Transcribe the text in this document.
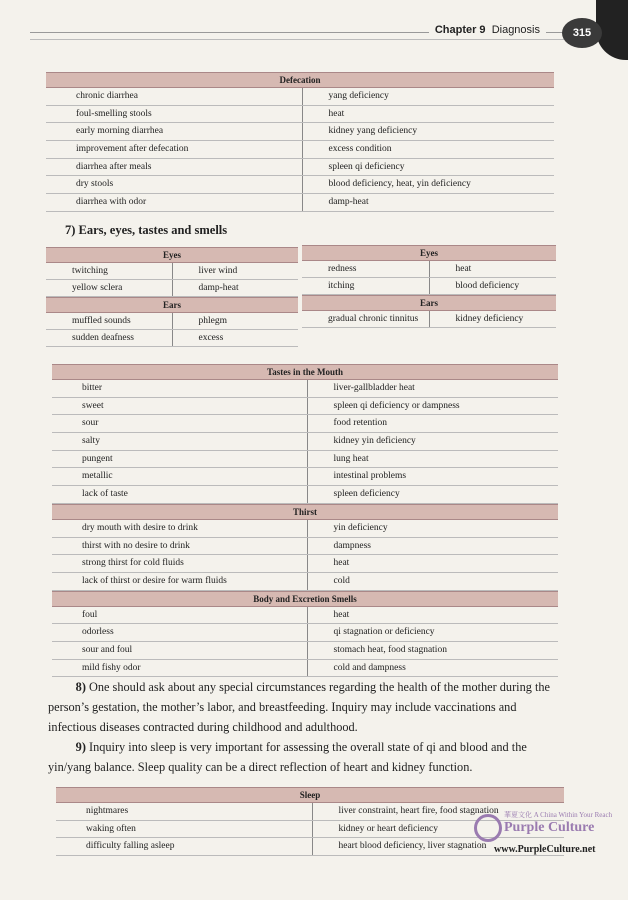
Chapter 9 Diagnosis	315
Defecation
chronic diarrhea	yang deficiency
foul-smelling stools	heat
early morning diarrhea	kidney yang deficiency
improvement after defecation	excess condition
diarrhea after meals	spleen qi deficiency
dry stools	blood deficiency, heat, yin deficiency
diarrhea with odor	damp-heat
7) Ears, eyes, tastes and smells
Eyes
twitching	liver wind
yellow sclera	damp-heat
Ears
muffled sounds	phlegm
sudden deafness	excess
Eyes
redness	heat
itching	blood deficiency
Ears
gradual chronic tinnitus	kidney deficiency
Tastes in the Mouth
bitter	liver-gallbladder heat
sweet	spleen qi deficiency or dampness
sour	food retention
salty	kidney yin deficiency
pungent	lung heat
metallic	intestinal problems
lack of taste	spleen deficiency
Thirst
dry mouth with desire to drink	yin deficiency
thirst with no desire to drink	dampness
strong thirst for cold fluids	heat
lack of thirst or desire for warm fluids	cold
Body and Excretion Smells
foul	heat
odorless	qi stagnation or deficiency
sour and foul	stomach heat, food stagnation
mild fishy odor	cold and dampness
8) One should ask about any special circumstances regarding the health of the mother during the person’s gestation, the mother’s labor, and breastfeeding. Inquiry may include vaccinations and infectious diseases contracted during childhood and adulthood.
9) Inquiry into sleep is very important for assessing the overall state of qi and blood and the yin/yang balance. Sleep quality can be a direct reflection of heart and kidney function.
Sleep
nightmares	liver constraint, heart fire, food stagnation
waking often	kidney or heart deficiency
difficulty falling asleep	heart blood deficiency, liver stagnation
華夏文化 A China Within Your Reach
Purple Culture
www.PurpleCulture.net
